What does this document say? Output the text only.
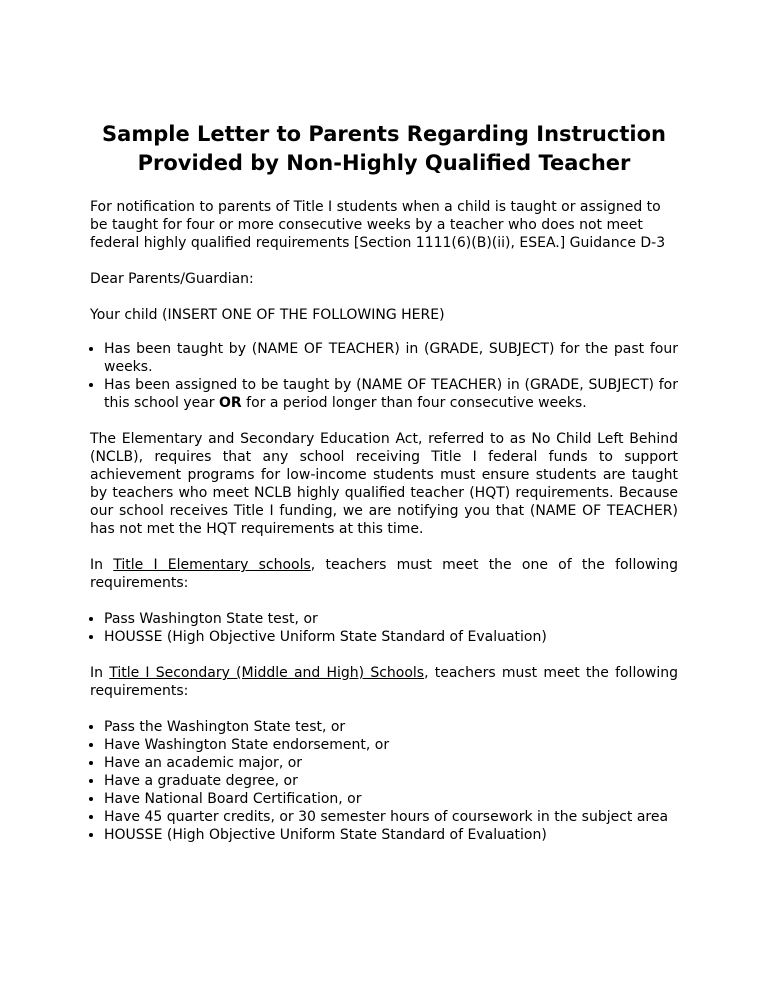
Sample Letter to Parents Regarding Instruction
Provided by Non-Highly Qualified Teacher

For notification to parents of Title I students when a child is taught or assigned to be taught for four or more consecutive weeks by a teacher who does not meet federal highly qualified requirements [Section 1111(6)(B)(ii), ESEA.] Guidance D-3

Dear Parents/Guardian:

Your child (INSERT ONE OF THE FOLLOWING HERE)

• Has been taught by (NAME OF TEACHER) in (GRADE, SUBJECT) for the past four weeks.
• Has been assigned to be taught by (NAME OF TEACHER) in (GRADE, SUBJECT) for this school year OR for a period longer than four consecutive weeks.

The Elementary and Secondary Education Act, referred to as No Child Left Behind (NCLB), requires that any school receiving Title I federal funds to support achievement programs for low-income students must ensure students are taught by teachers who meet NCLB highly qualified teacher (HQT) requirements. Because our school receives Title I funding, we are notifying you that (NAME OF TEACHER) has not met the HQT requirements at this time.

In Title I Elementary schools, teachers must meet the one of the following requirements:

• Pass Washington State test, or
• HOUSSE (High Objective Uniform State Standard of Evaluation)

In Title I Secondary (Middle and High) Schools, teachers must meet the following requirements:

• Pass the Washington State test, or
• Have Washington State endorsement, or
• Have an academic major, or
• Have a graduate degree, or
• Have National Board Certification, or
• Have 45 quarter credits, or 30 semester hours of coursework in the subject area
• HOUSSE (High Objective Uniform State Standard of Evaluation)
